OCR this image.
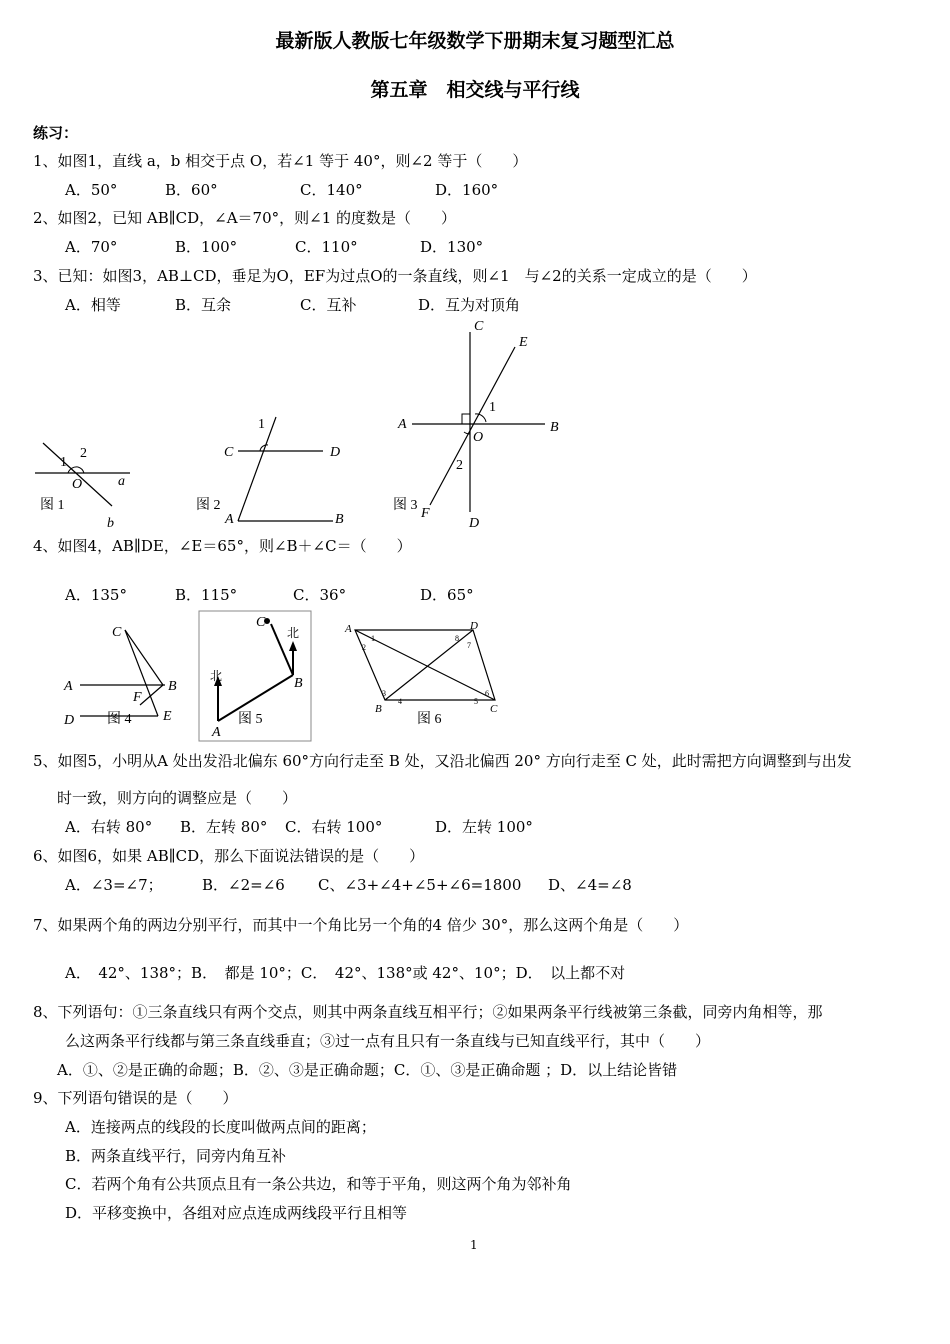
最新版人教版七年级数学下册期末复习题型汇总
第五章　相交线与平行线
练习：
1、如图1，直线 a，b 相交于点 O，若∠1 等于 40°，则∠2 等于（　　）
A．50°	B．60°	C．140°	D．160°
2、如图2，已知 AB∥CD，∠A＝70°，则∠1 的度数是（　　）
A．70°	B．100°	C．110°	D．130°
3、已知：如图3，AB⊥CD，垂足为O，EF为过点O的一条直线，则∠1　与∠2的关系一定成立的是（　　）
A．相等	B．互余	C．互补	D．互为对顶角
1
2
O	a
b
图 1
1
C	D
A	B
图 2
C
E
A	B
O
1
2
F
D
图 3
4、如图4，AB∥DE，∠E＝65°，则∠B＋∠C＝（　　）
A．135°	B．115°	C．36°	D．65°
C
A	B
F
D	E
图 4
C
北
北
B
A
图 5
A	D
1
2
8
7
3
4	5
6
B	C
图 6
5、如图5，小明从A 处出发沿北偏东 60°方向行走至 B 处，又沿北偏西 20° 方向行走至 C 处，此时需把方向调整到与出发
时一致，则方向的调整应是（　　）
A．右转 80° B．左转 80° C．右转 100°	D．左转 100°
6、如图6，如果 AB∥CD，那么下面说法错误的是（　　）
A．∠3=∠7；	B．∠2=∠6 C、∠3+∠4+∠5+∠6=1800 D、∠4=∠8
7、如果两个角的两边分别平行，而其中一个角比另一个角的4 倍少 30°，那么这两个角是（　　）
A．　42°、138°；B．　都是 10°；C．　42°、138°或 42°、10°；D．　以上都不对
8、下列语句：①三条直线只有两个交点，则其中两条直线互相平行；②如果两条平行线被第三条截，同旁内角相等，那
么这两条平行线都与第三条直线垂直；③过一点有且只有一条直线与已知直线平行，其中（　　）
A．①、②是正确的命题；B．②、③是正确命题；C．①、③是正确命题 ；D．以上结论皆错
9、下列语句错误的是（　　）
A．连接两点的线段的长度叫做两点间的距离；
B．两条直线平行，同旁内角互补
C．若两个角有公共顶点且有一条公共边，和等于平角，则这两个角为邻补角
D．平移变换中，各组对应点连成两线段平行且相等
1
